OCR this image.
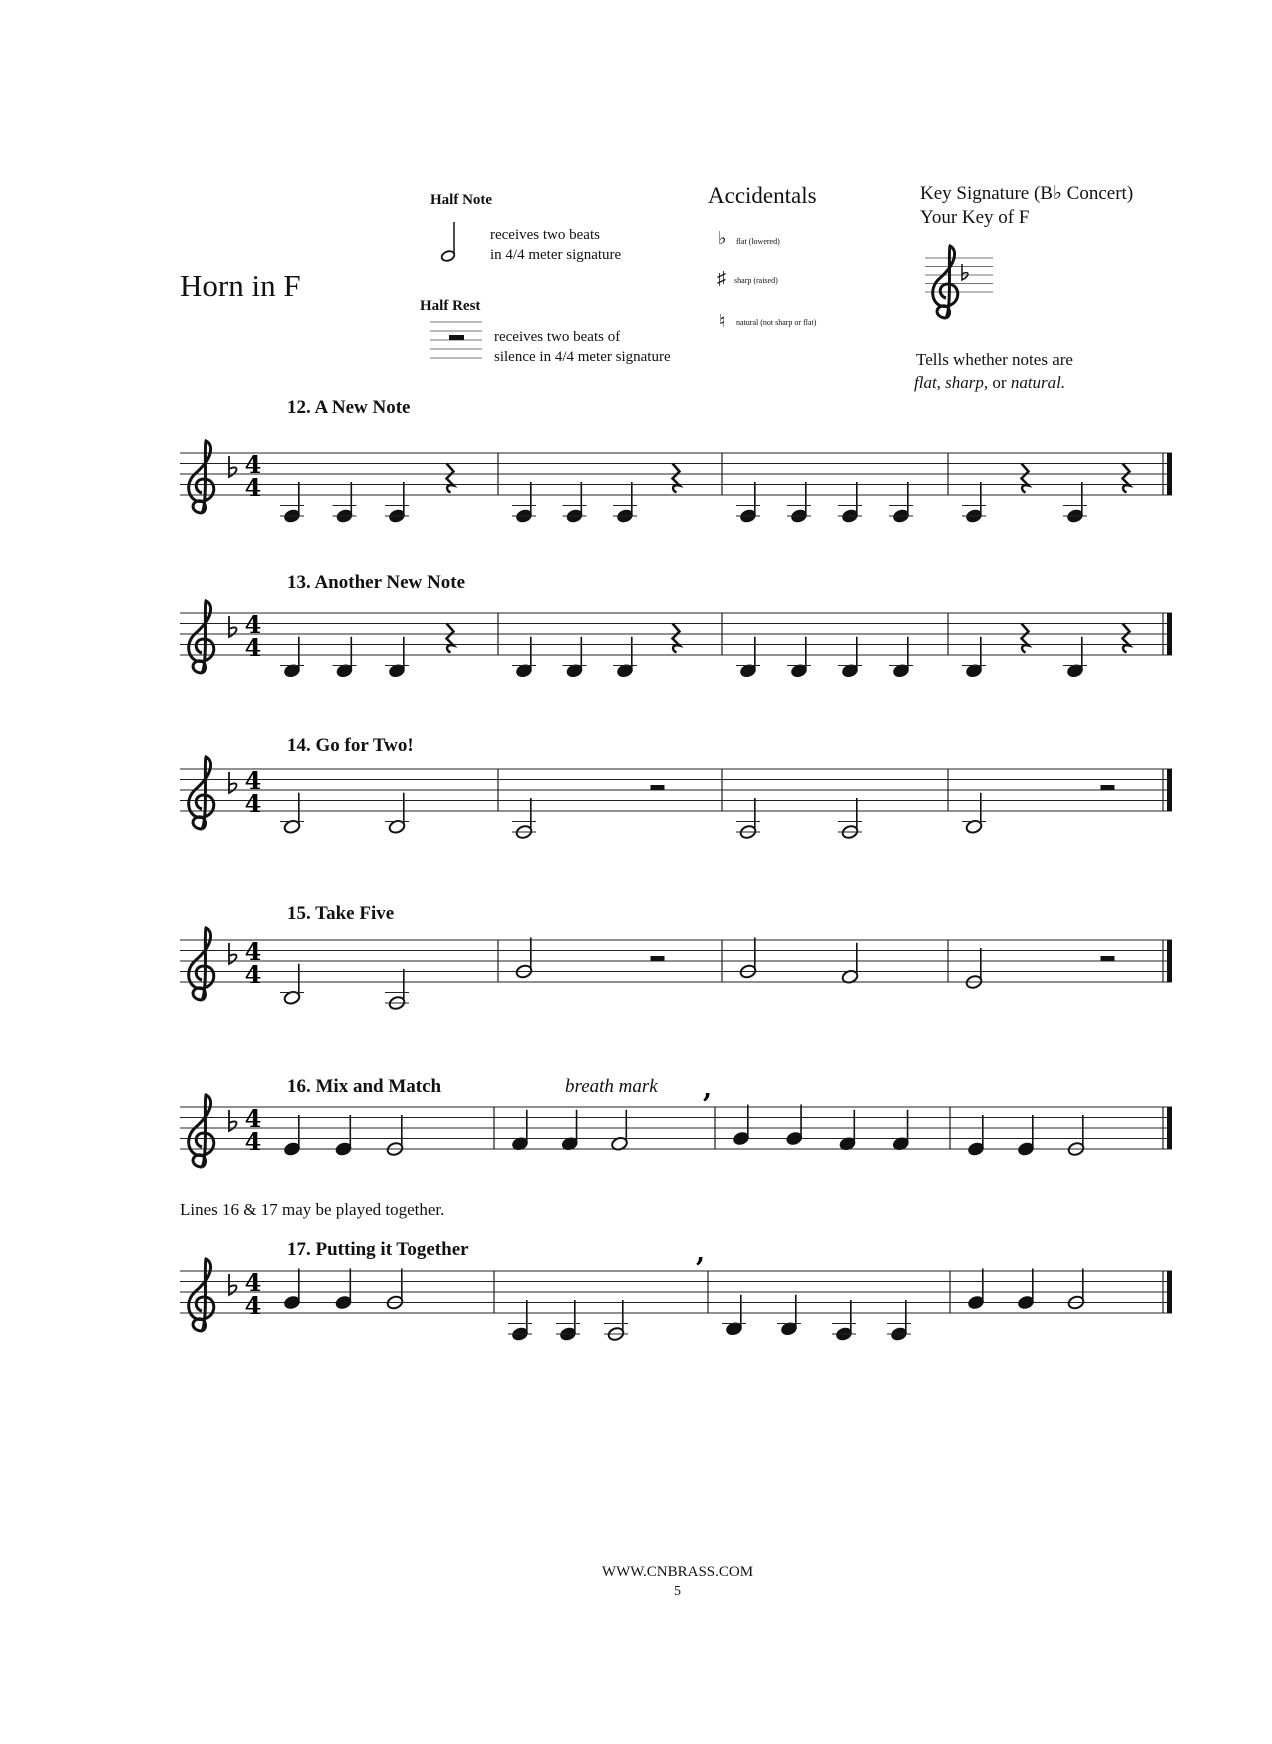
Horn in F
Half Note
receives two beats
in 4/4 meter signature
Half Rest
receives two beats of
silence in 4/4 meter signature
Accidentals
♭ flat (lowered)
♯ sharp (raised)
♮ natural (not sharp or flat)
Key Signature (B♭ Concert)
Your Key of F
Tells whether notes are
flat, sharp, or natural.
12. A New Note
13. Another New Note
14. Go for Two!
15. Take Five
16. Mix and Match	breath mark
Lines 16 & 17 may be played together.
17. Putting it Together
WWW.CNBRASS.COM
5
4
4
4
4
4
4
4
4
4
4
,
4
4
,
